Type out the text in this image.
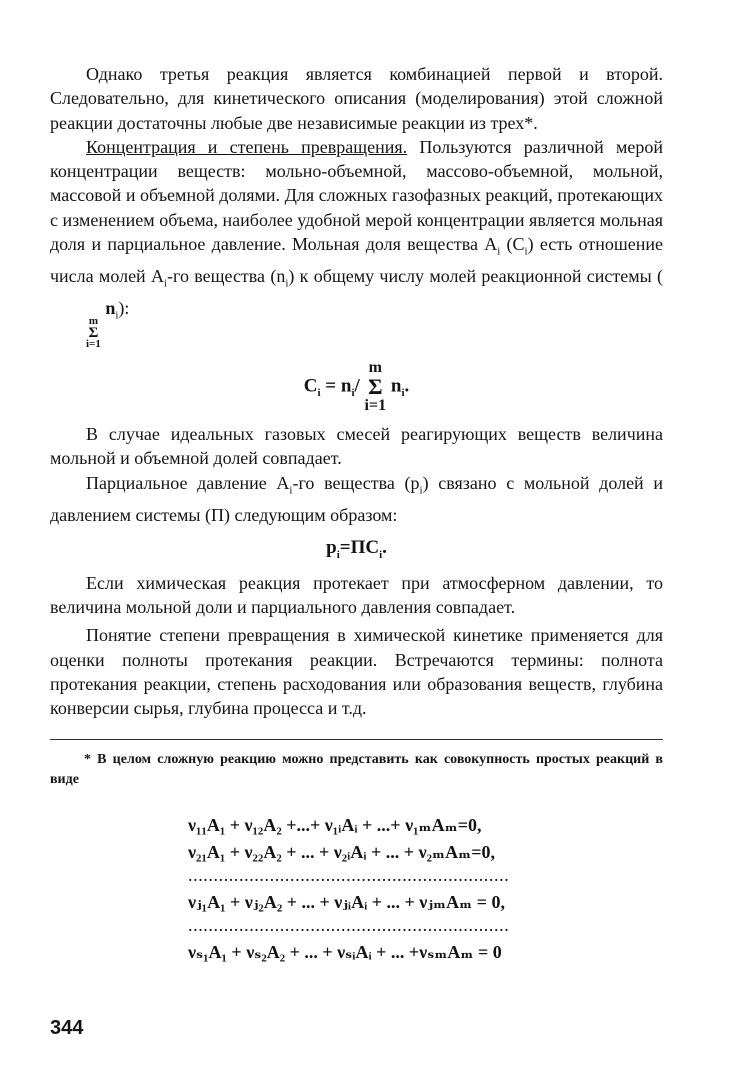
Однако третья реакция является комбинацией первой и второй. Следовательно, для кинетического описания (моделирования) этой сложной реакции достаточны любые две независимые реакции из трех*.

Концентрация и степень превращения. Пользуются различной мерой концентрации веществ: мольно-объемной, массово-объемной, мольной, массовой и объемной долями. Для сложных газофазных реакций, протекающих с изменением объема, наиболее удобной мерой концентрации является мольная доля и парциальное давление. Мольная доля вещества $A_i$ $(C_i)$ есть отношение числа молей $A_i-го$ вещества $(n_i)$ к общему числу молей реакционной системы (
m
Σ
i=1
$n_i$):

$C_i = n_i/$
m
Σ
i=1
$n_i$.

В случае идеальных газовых смесей реагирующих веществ величина мольной и объемной долей совпадает.

Парциальное давление $A_i-го$ вещества $(p_i)$ связано с мольной долей и давлением системы (П) следующим образом:

$p_i=ПC_i$.

Если химическая реакция протекает при атмосферном давлении, то величина мольной доли и парциального давления совпадает.

Понятие степени превращения в химической кинетике применяется для оценки полноты протекания реакции. Встречаются термины: полнота протекания реакции, степень расходования или образования веществ, глубина конверсии сырья, глубина процесса и т.д.

* В целом сложную реакцию можно представить как совокупность простых реакций в виде

ν₁₁A₁ + ν₁₂A₂ +...+ ν₁ᵢAᵢ + ...+ ν₁ₘAₘ=0,
ν₂₁A₁ + ν₂₂A₂ + ... + ν₂ᵢAᵢ + ... + ν₂ₘAₘ=0,
...............................................................
νⱼ₁A₁ + νⱼ₂A₂ + ... + νⱼᵢAᵢ + ... + νⱼₘAₘ = 0,
...............................................................
νₛ₁A₁ + νₛ₂A₂ + ... + νₛᵢAᵢ + ... +νₛₘAₘ = 0
344
